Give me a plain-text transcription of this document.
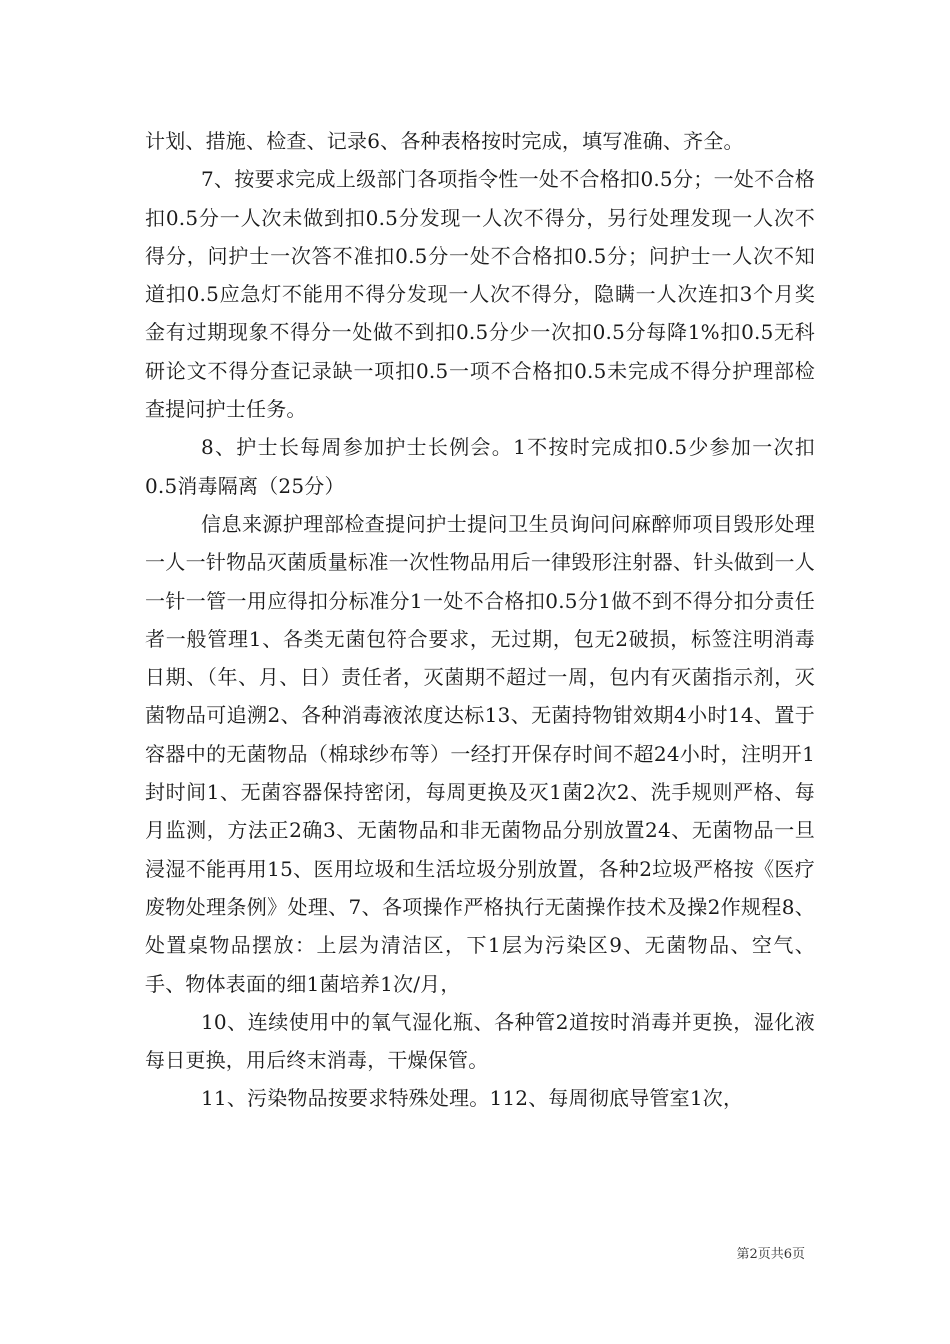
计划、措施、检查、记录6、各种表格按时完成，填写准确、齐全。

7、按要求完成上级部门各项指令性一处不合格扣0.5分；一处不合格扣0.5分一人次未做到扣0.5分发现一人次不得分，另行处理发现一人次不得分，问护士一次答不准扣0.5分一处不合格扣0.5分；问护士一人次不知道扣0.5应急灯不能用不得分发现一人次不得分，隐瞒一人次连扣3个月奖金有过期现象不得分一处做不到扣0.5分少一次扣0.5分每降1%扣0.5无科研论文不得分查记录缺一项扣0.5一项不合格扣0.5未完成不得分护理部检查提问护士任务。

8、护士长每周参加护士长例会。1不按时完成扣0.5少参加一次扣0.5消毒隔离（25分）

信息来源护理部检查提问护士提问卫生员询问问麻醉师项目毁形处理一人一针物品灭菌质量标准一次性物品用后一律毁形注射器、针头做到一人一针一管一用应得扣分标准分1一处不合格扣0.5分1做不到不得分扣分责任者一般管理1、各类无菌包符合要求，无过期，包无2破损，标签注明消毒日期、（年、月、日）责任者，灭菌期不超过一周，包内有灭菌指示剂，灭菌物品可追溯2、各种消毒液浓度达标13、无菌持物钳效期4小时14、置于容器中的无菌物品（棉球纱布等）一经打开保存时间不超24小时，注明开1封时间1、无菌容器保持密闭，每周更换及灭1菌2次2、洗手规则严格、每月监测，方法正2确3、无菌物品和非无菌物品分别放置24、无菌物品一旦浸湿不能再用15、医用垃圾和生活垃圾分别放置，各种2垃圾严格按《医疗废物处理条例》处理、7、各项操作严格执行无菌操作技术及操2作规程8、处置桌物品摆放：上层为清洁区，下1层为污染区9、无菌物品、空气、手、物体表面的细1菌培养1次/月，

10、连续使用中的氧气湿化瓶、各种管2道按时消毒并更换，湿化液每日更换，用后终末消毒，干燥保管。

11、污染物品按要求特殊处理。112、每周彻底导管室1次，

第2页共6页
